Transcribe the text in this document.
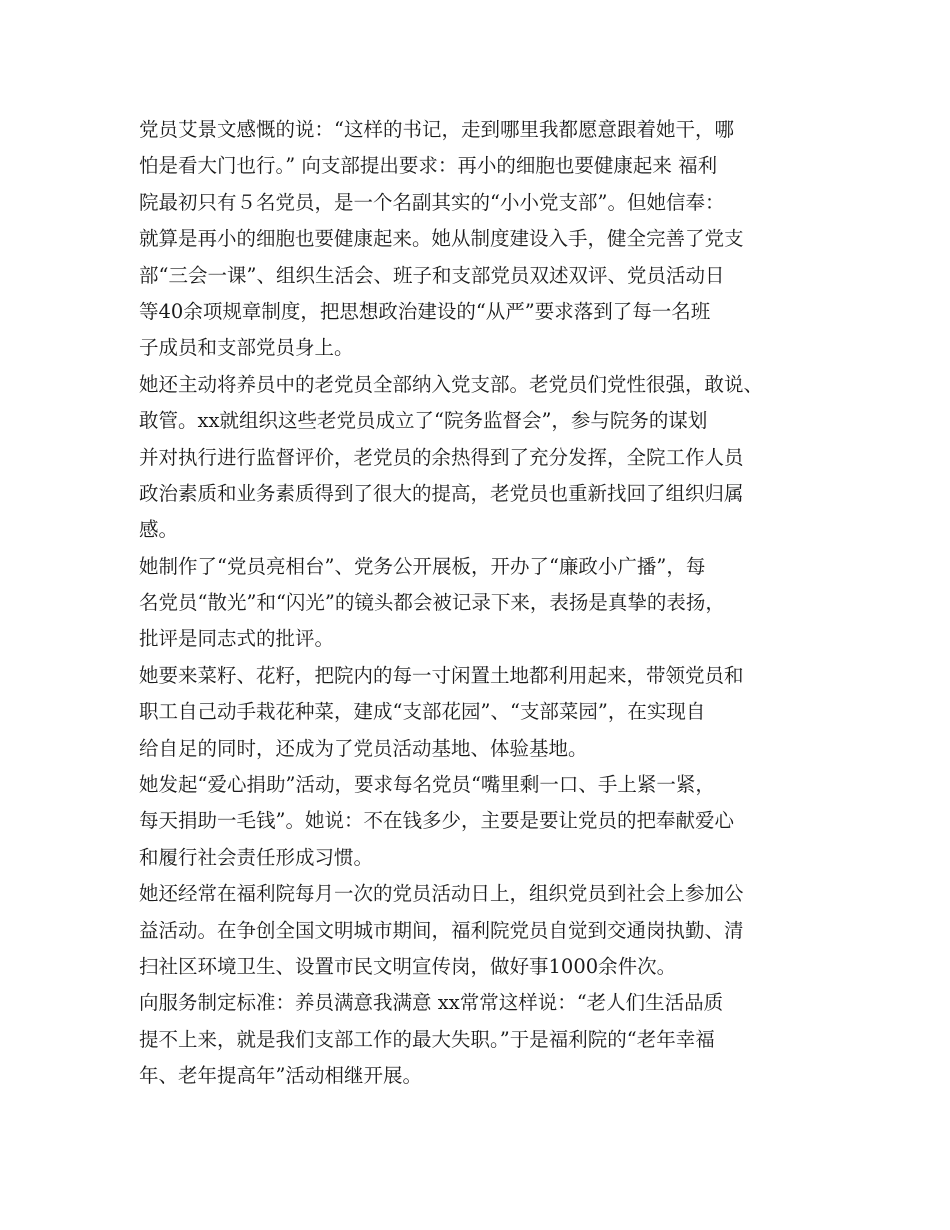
党员艾景文感慨的说：“这样的书记，走到哪里我都愿意跟着她干，哪
怕是看大门也行。” 向支部提出要求：再小的细胞也要健康起来 福利
院最初只有５名党员，是一个名副其实的“小小党支部”。但她信奉：
就算是再小的细胞也要健康起来。她从制度建设入手，健全完善了党支
部“三会一课”、组织生活会、班子和支部党员双述双评、党员活动日
等40余项规章制度，把思想政治建设的“从严”要求落到了每一名班
子成员和支部党员身上。
她还主动将养员中的老党员全部纳入党支部。老党员们党性很强，敢说、
敢管。xx就组织这些老党员成立了“院务监督会”，参与院务的谋划
并对执行进行监督评价，老党员的余热得到了充分发挥，全院工作人员
政治素质和业务素质得到了很大的提高，老党员也重新找回了组织归属
感。
她制作了“党员亮相台”、党务公开展板，开办了“廉政小广播”，每
名党员“散光”和“闪光”的镜头都会被记录下来，表扬是真挚的表扬，
批评是同志式的批评。
她要来菜籽、花籽，把院内的每一寸闲置土地都利用起来，带领党员和
职工自己动手栽花种菜，建成“支部花园”、“支部菜园”，在实现自
给自足的同时，还成为了党员活动基地、体验基地。
她发起“爱心捐助”活动，要求每名党员“嘴里剩一口、手上紧一紧，
每天捐助一毛钱”。她说：不在钱多少，主要是要让党员的把奉献爱心
和履行社会责任形成习惯。
她还经常在福利院每月一次的党员活动日上，组织党员到社会上参加公
益活动。在争创全国文明城市期间，福利院党员自觉到交通岗执勤、清
扫社区环境卫生、设置市民文明宣传岗，做好事1000余件次。
向服务制定标准：养员满意我满意 xx常常这样说：“老人们生活品质
提不上来，就是我们支部工作的最大失职。”于是福利院的“老年幸福
年、老年提高年”活动相继开展。
